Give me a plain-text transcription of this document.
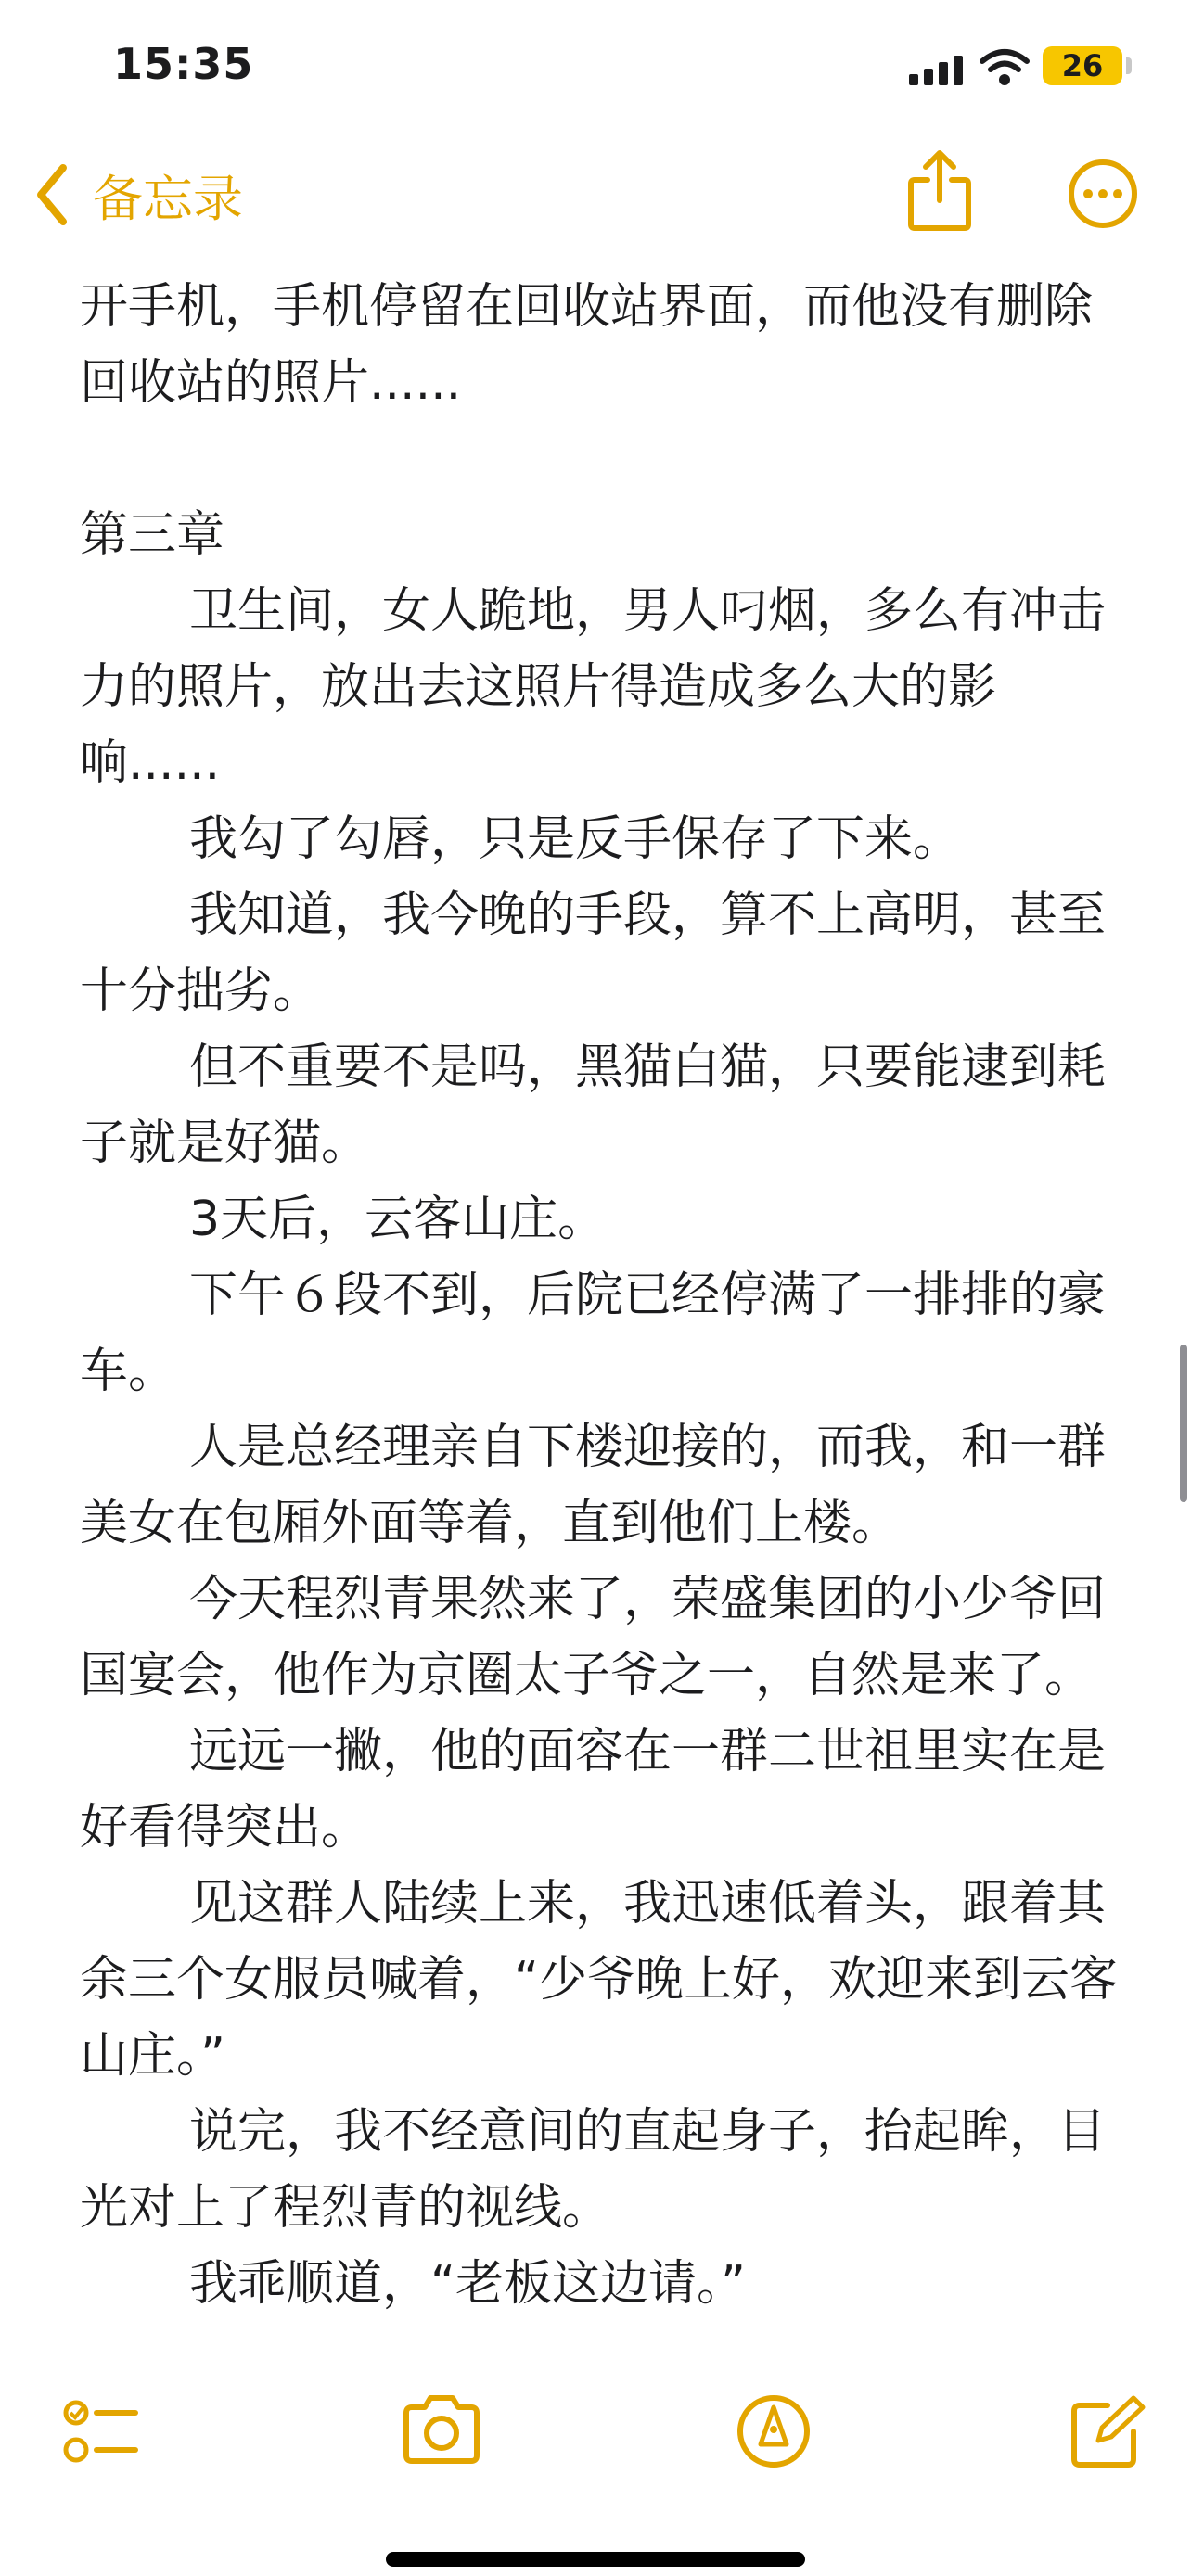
15:35	26
备忘录

开手机，手机停留在回收站界面，而他没有删除回收站的照片......

第三章

卫生间，女人跪地，男人叼烟，多么有冲击力的照片，放出去这照片得造成多么大的影响......

我勾了勾唇，只是反手保存了下来。

我知道，我今晚的手段，算不上高明，甚至十分拙劣。

但不重要不是吗，黑猫白猫，只要能逮到耗子就是好猫。

3天后，云客山庄。

下午６段不到，后院已经停满了一排排的豪车。

人是总经理亲自下楼迎接的，而我，和一群美女在包厢外面等着，直到他们上楼。

今天程烈青果然来了，荣盛集团的小少爷回国宴会，他作为京圈太子爷之一，自然是来了。

远远一撇，他的面容在一群二世祖里实在是好看得突出。

见这群人陆续上来，我迅速低着头，跟着其余三个女服员喊着，“少爷晚上好，欢迎来到云客山庄。”

说完，我不经意间的直起身子，抬起眸，目光对上了程烈青的视线。

我乖顺道，“老板这边请。”
